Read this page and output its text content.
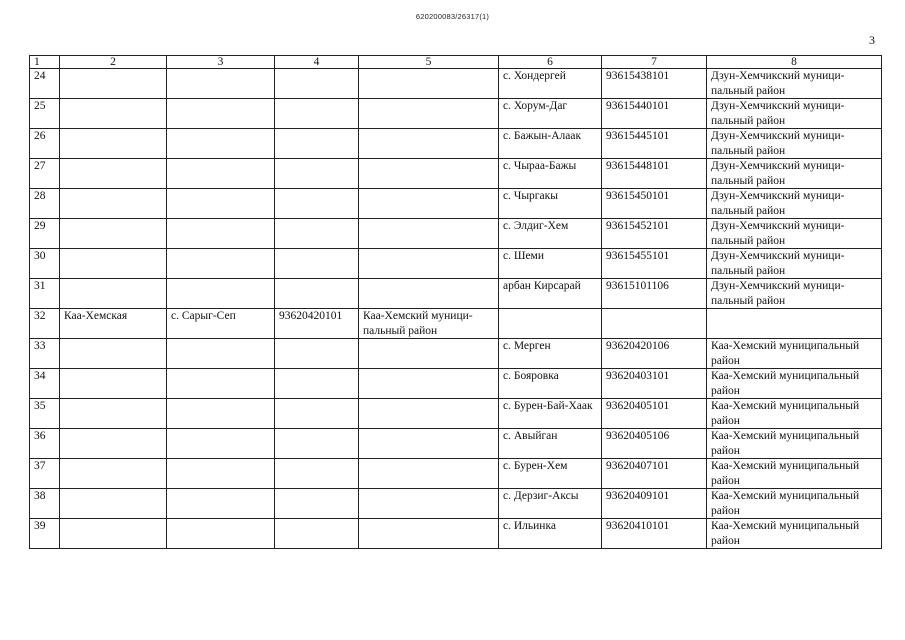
620200083/26317(1)
3
1	2	3	4	5	6	7	8
24					с. Хондергей	93615438101	Дзун-Хемчикский муници-пальный район
25					с. Хорум-Даг	93615440101	Дзун-Хемчикский муници-пальный район
26					с. Бажын-Алаак	93615445101	Дзун-Хемчикский муници-пальный район
27					с. Чыраа-Бажы	93615448101	Дзун-Хемчикский муници-пальный район
28					с. Чыргакы	93615450101	Дзун-Хемчикский муници-пальный район
29					с. Элдиг-Хем	93615452101	Дзун-Хемчикский муници-пальный район
30					с. Шеми	93615455101	Дзун-Хемчикский муници-пальный район
31					арбан Кирсарай	93615101106	Дзун-Хемчикский муници-пальный район
32	Каа-Хемская	с. Сарыг-Сеп	93620420101	Каа-Хемский муници-пальный район			
33					с. Мерген	93620420106	Каа-Хемский муниципальный район
34					с. Бояровка	93620403101	Каа-Хемский муниципальный район
35					с. Бурен-Бай-Хаак	93620405101	Каа-Хемский муниципальный район
36					с. Авыйган	93620405106	Каа-Хемский муниципальный район
37					с. Бурен-Хем	93620407101	Каа-Хемский муниципальный район
38					с. Дерзиг-Аксы	93620409101	Каа-Хемский муниципальный район
39					с. Ильинка	93620410101	Каа-Хемский муниципальный район
